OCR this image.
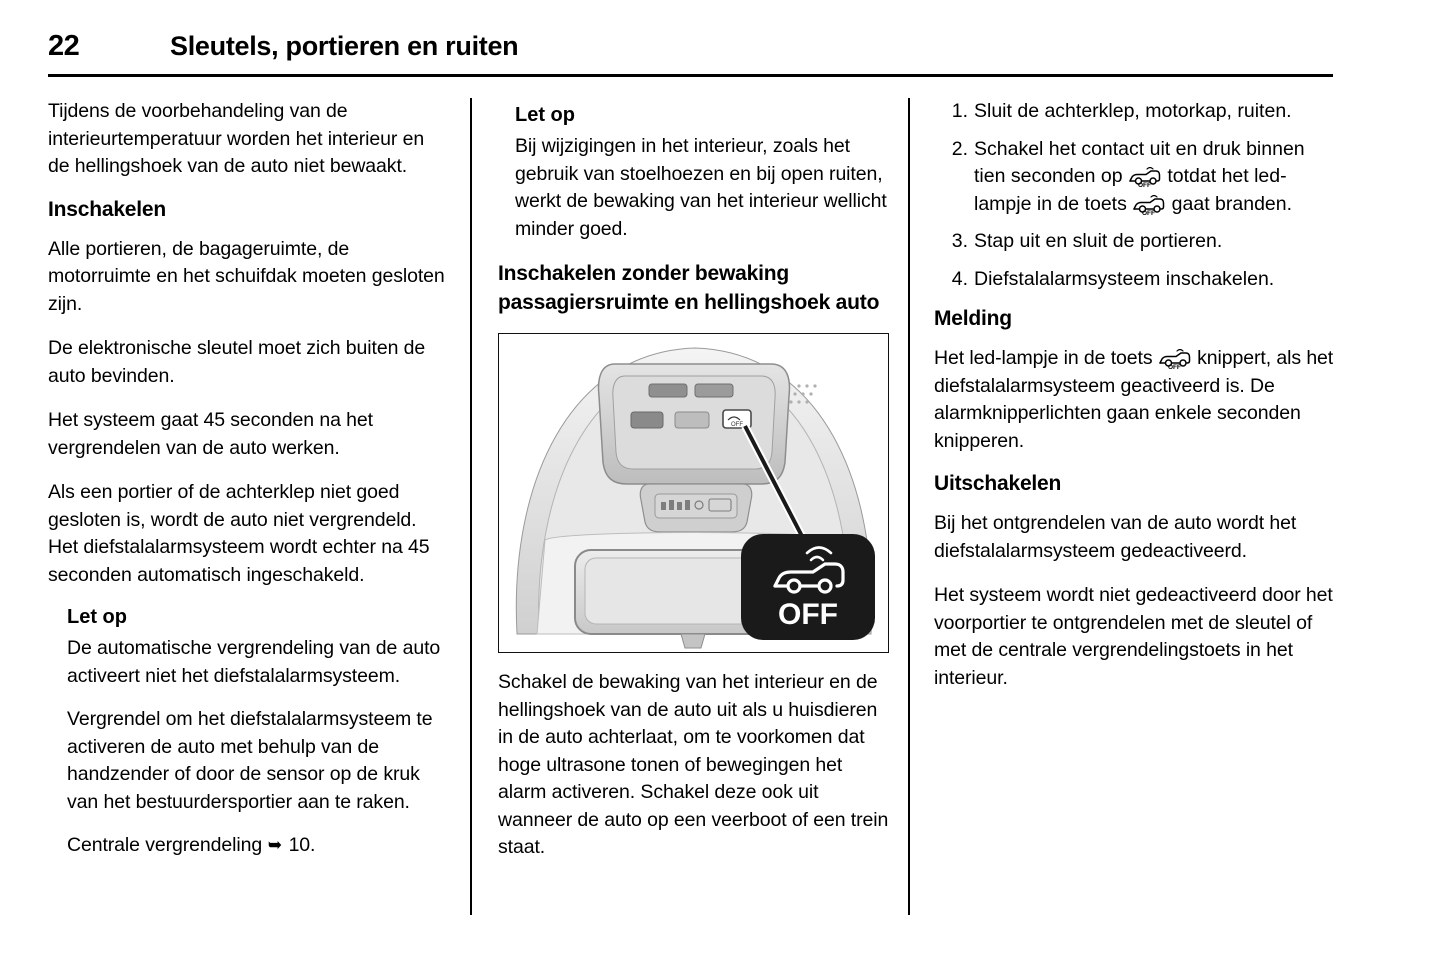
22	Sleutels, portieren en ruiten

Tijdens de voorbehandeling van de interieurtemperatuur worden het interieur en de hellingshoek van de auto niet bewaakt.

Inschakelen

Alle portieren, de bagageruimte, de motorruimte en het schuifdak moeten gesloten zijn.

De elektronische sleutel moet zich buiten de auto bevinden.

Het systeem gaat 45 seconden na het vergrendelen van de auto werken.

Als een portier of de achterklep niet goed gesloten is, wordt de auto niet vergrendeld. Het diefstalalarmsysteem wordt echter na 45 seconden automatisch ingeschakeld.

Let op

De automatische vergrendeling van de auto activeert niet het diefstalalarmsysteem.

Vergrendel om het diefstalalarmsysteem te activeren de auto met behulp van de handzender of door de sensor op de kruk van het bestuurdersportier aan te raken.

Centrale vergrendeling ➥ 10.

Let op

Bij wijzigingen in het interieur, zoals het gebruik van stoelhoezen en bij open ruiten, werkt de bewaking van het interieur wellicht minder goed.

Inschakelen zonder bewaking passagiersruimte en hellingshoek auto
OFF
OFF

Schakel de bewaking van het interieur en de hellingshoek van de auto uit als u huisdieren in de auto achterlaat, om te voorkomen dat hoge ultrasone tonen of bewegingen het alarm activeren. Schakel deze ook uit wanneer de auto op een veerboot of een trein staat.

Sluit de achterklep, motorkap, ruiten.
Schakel het contact uit en druk binnen tien seconden op OFF totdat het led-lampje in de toets OFF gaat branden.
Stap uit en sluit de portieren.
Diefstalalarmsysteem inschakelen.
Melding

Het led-lampje in de toets OFF knippert, als het diefstalalarmsysteem geactiveerd is. De alarmknipperlichten gaan enkele seconden knipperen.

Uitschakelen

Bij het ontgrendelen van de auto wordt het diefstalalarmsysteem gedeactiveerd.

Het systeem wordt niet gedeactiveerd door het voorportier te ontgrendelen met de sleutel of met de centrale vergrendelingstoets in het interieur.
